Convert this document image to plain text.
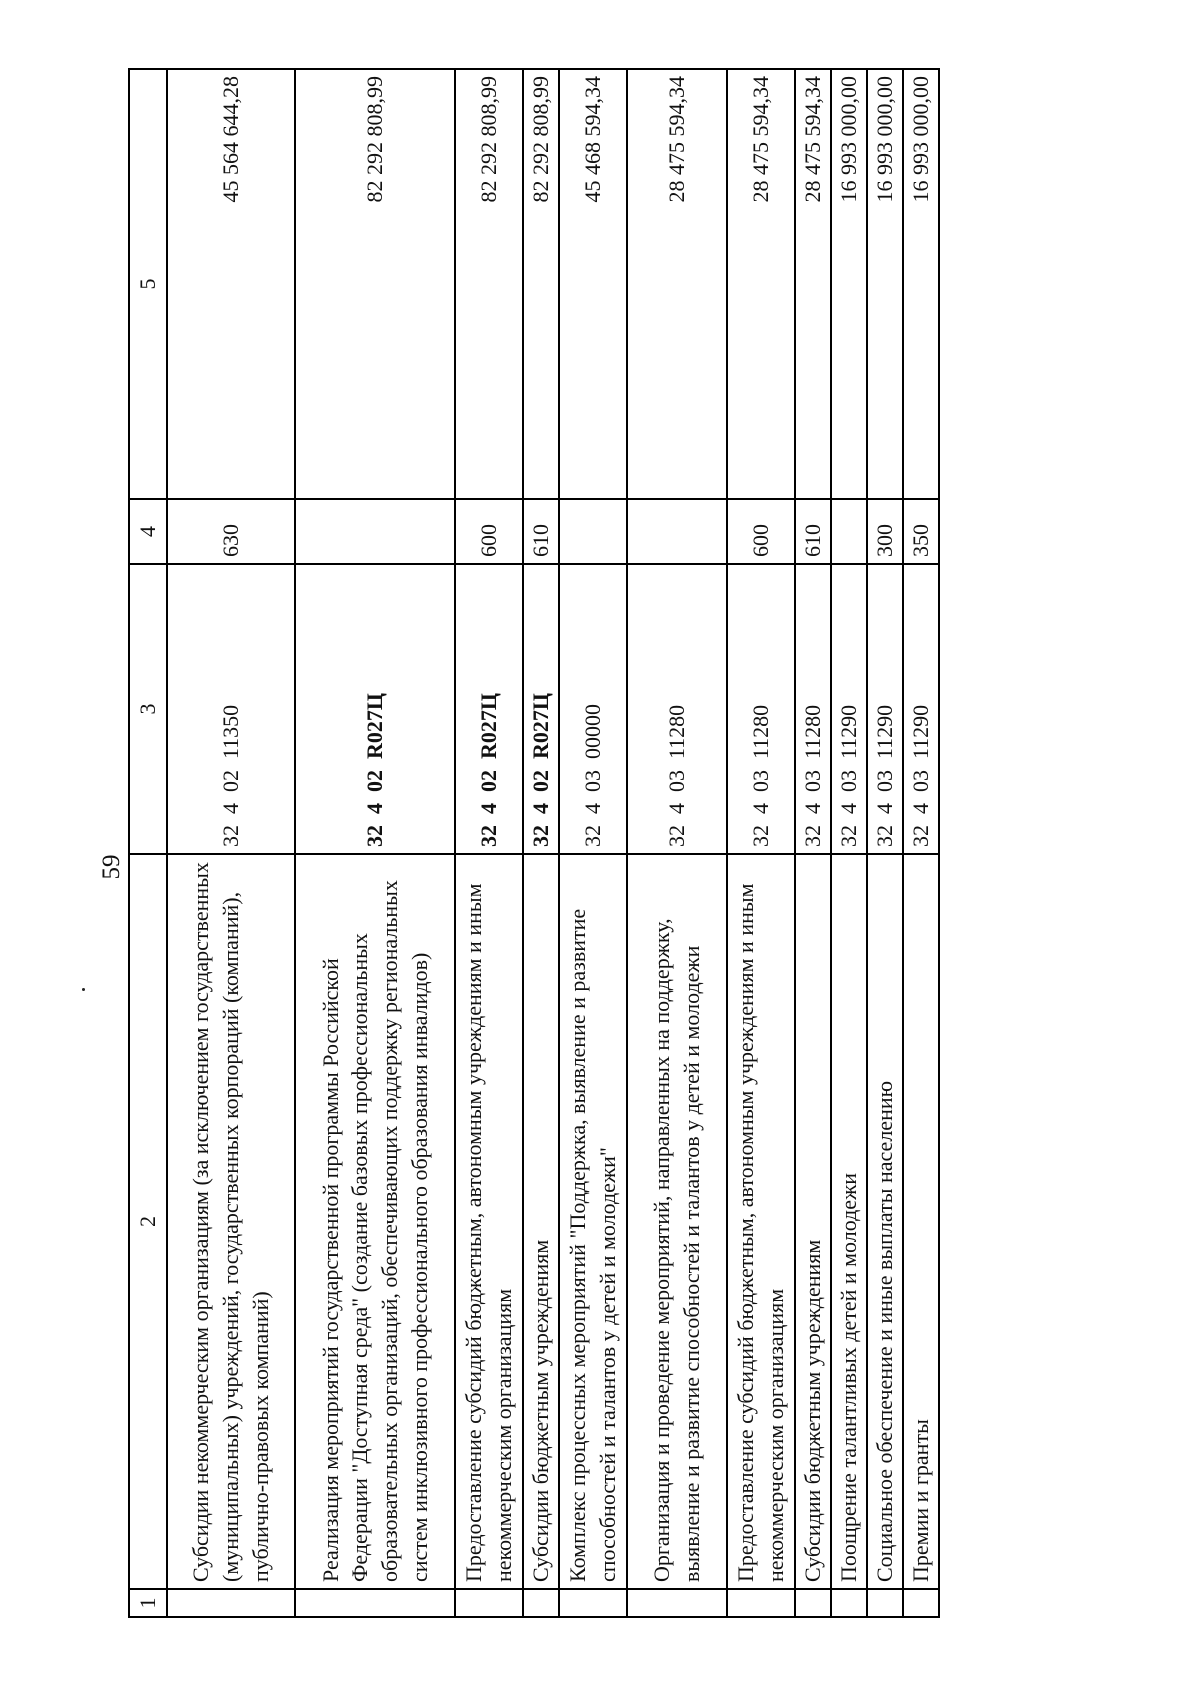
59
1	2	3	4	5
	Субсидии некоммерческим организациям (за исключением государственных (муниципальных) учреждений, государственных корпораций (компаний), публично-правовых компаний)	32  4  02  11350	630	45 564 644,28
	Реализация мероприятий государственной программы Российской Федерации "Доступная среда" (создание базовых профессиональных образовательных организаций, обеспечивающих поддержку региональных систем инклюзивного профессионального образования инвалидов)	32  4  02  R027Ц		82 292 808,99
	Предоставление субсидий бюджетным, автономным учреждениям и иным некоммерческим организациям	32  4  02  R027Ц	600	82 292 808,99
	Субсидии бюджетным учреждениям	32  4  02  R027Ц	610	82 292 808,99
	Комплекс процессных мероприятий "Поддержка, выявление и развитие способностей и талантов у детей и молодежи"	32  4  03  00000		45 468 594,34
	Организация и проведение мероприятий, направленных на поддержку, выявление и развитие способностей и талантов у детей и молодежи	32  4  03  11280		28 475 594,34
	Предоставление субсидий бюджетным, автономным учреждениям и иным некоммерческим организациям	32  4  03  11280	600	28 475 594,34
	Субсидии бюджетным учреждениям	32  4  03  11280	610	28 475 594,34
	Поощрение талантливых детей и молодежи	32  4  03  11290		16 993 000,00
	Социальное обеспечение и иные выплаты населению	32  4  03  11290	300	16 993 000,00
	Премии и гранты	32  4  03  11290	350	16 993 000,00
